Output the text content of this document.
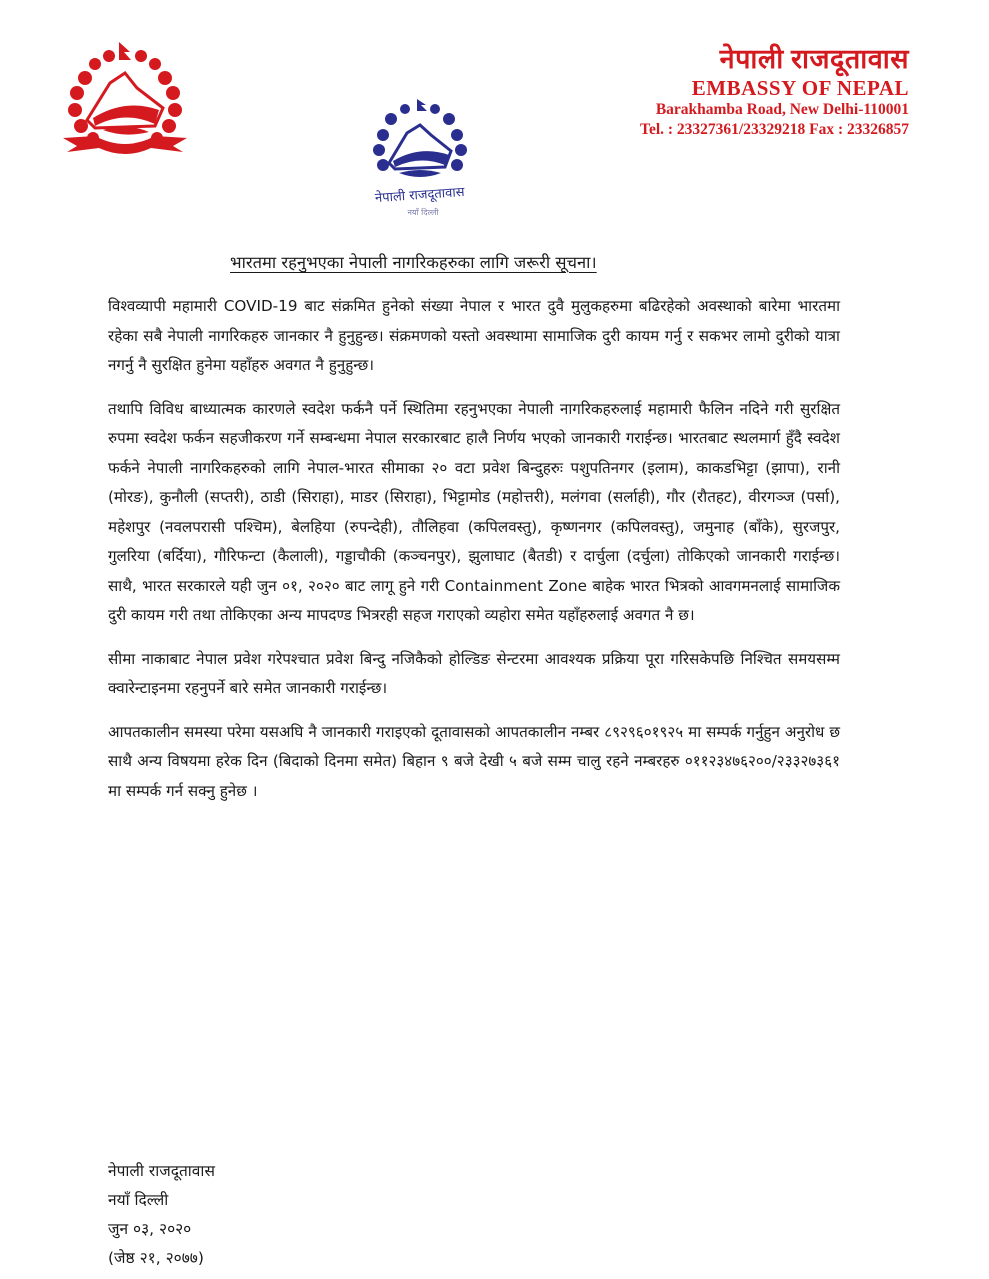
नेपाली राजदूतावास
नयाँ दिल्ली
नेपाली राजदूतावास
EMBASSY OF NEPAL
Barakhamba Road, New Delhi-110001
Tel. : 23327361/23329218 Fax : 23326857
भारतमा रहनुभएका नेपाली नागरिकहरुका लागि जरूरी सूचना।

विश्वव्यापी महामारी COVID-19 बाट संक्रमित हुनेको संख्या नेपाल र भारत दुवै मुलुकहरुमा बढिरहेको अवस्थाको बारेमा भारतमा रहेका सबै नेपाली नागरिकहरु जानकार नै हुनुहुन्छ। संक्रमणको यस्तो अवस्थामा सामाजिक दुरी कायम गर्नु र सकभर लामो दुरीको यात्रा नगर्नु नै सुरक्षित हुनेमा यहाँहरु अवगत नै हुनुहुन्छ।

तथापि विविध बाध्यात्मक कारणले स्वदेश फर्कनै पर्ने स्थितिमा रहनुभएका नेपाली नागरिकहरुलाई महामारी फैलिन नदिने गरी सुरक्षित रुपमा स्वदेश फर्कन सहजीकरण गर्ने सम्बन्धमा नेपाल सरकारबाट हालै निर्णय भएको जानकारी गराईन्छ। भारतबाट स्थलमार्ग हुँदै स्वदेश फर्कने नेपाली नागरिकहरुको लागि नेपाल-भारत सीमाका २० वटा प्रवेश बिन्दुहरुः पशुपतिनगर (इलाम), काकडभिट्टा (झापा), रानी (मोरङ), कुनौली (सप्तरी), ठाडी (सिराहा), माडर (सिराहा), भिट्टामोड (महोत्तरी), मलंगवा (सर्लाही), गौर (रौतहट), वीरगञ्ज (पर्सा), महेशपुर (नवलपरासी पश्चिम), बेलहिया (रुपन्देही), तौलिहवा (कपिलवस्तु), कृष्णनगर (कपिलवस्तु), जमुनाह (बाँके), सुरजपुर, गुलरिया (बर्दिया), गौरिफन्टा (कैलाली), गड्डाचौकी (कञ्चनपुर), झुलाघाट (बैतडी) र दार्चुला (दर्चुला) तोकिएको जानकारी गराईन्छ। साथै, भारत सरकारले यही जुन ०१, २०२० बाट लागू हुने गरी Containment Zone बाहेक भारत भित्रको आवगमनलाई सामाजिक दुरी कायम गरी तथा तोकिएका अन्य मापदण्ड भित्ररही सहज गराएको व्यहोरा समेत यहाँहरुलाई अवगत नै छ।

सीमा नाकाबाट नेपाल प्रवेश गरेपश्चात प्रवेश बिन्दु नजिकैको होल्डिङ सेन्टरमा आवश्यक प्रक्रिया पूरा गरिसकेपछि निश्चित समयसम्म क्वारेन्टाइनमा रहनुपर्ने बारे समेत जानकारी गराईन्छ।

आपतकालीन समस्या परेमा यसअघि नै जानकारी गराइएको दूतावासको आपतकालीन नम्बर ८९२९६०१९२५ मा सम्पर्क गर्नुहुन अनुरोध छ साथै अन्य विषयमा हरेक दिन (बिदाको दिनमा समेत) बिहान ९ बजे देखी ५ बजे सम्म चालु रहने नम्बरहरु ०११२३४७६२००/२३३२७३६१ मा सम्पर्क गर्न सक्नु हुनेछ ।

नेपाली राजदूतावास
नयाँ दिल्ली
जुन ०३, २०२०
(जेष्ठ २१, २०७७)
